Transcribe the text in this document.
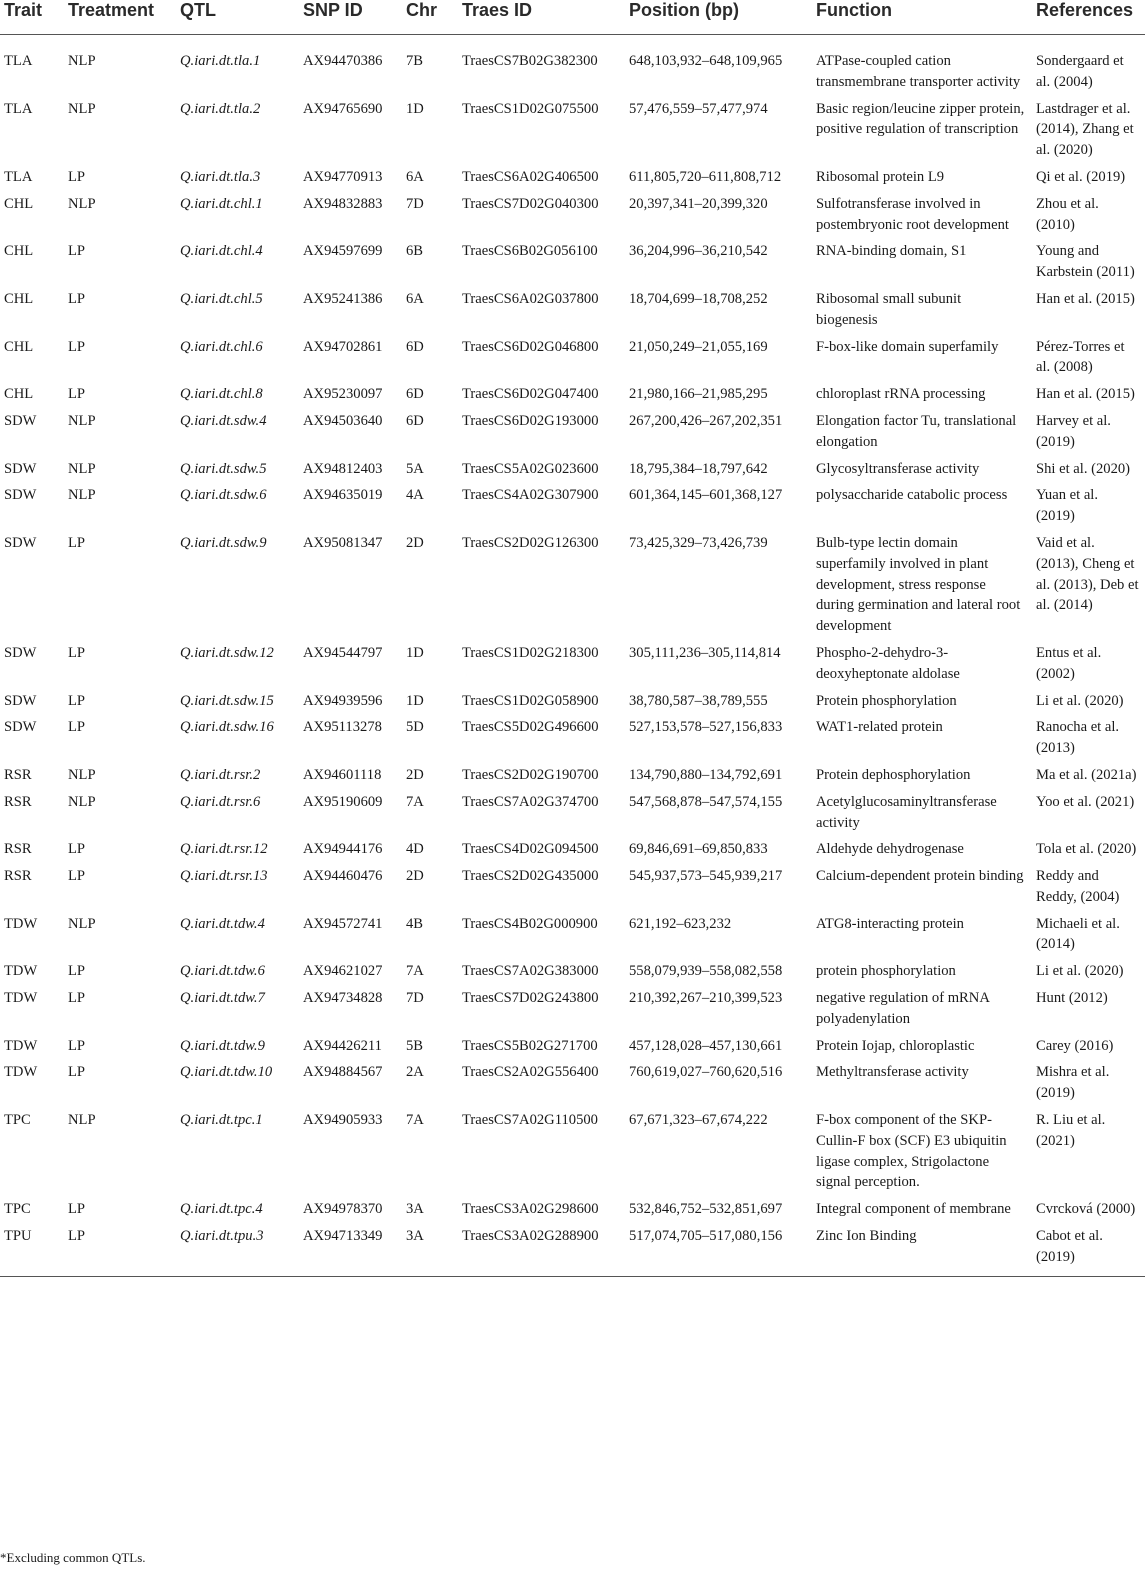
Trait	Treatment	QTL	SNP ID	Chr	Traes ID	Position (bp)	Function	References
TLA	NLP	Q.iari.dt.tla.1	AX94470386	7B	TraesCS7B02G382300	648,103,932–648,109,965	ATPase-coupled cation transmembrane transporter activity	Sondergaard et al. (2004)
TLA	NLP	Q.iari.dt.tla.2	AX94765690	1D	TraesCS1D02G075500	57,476,559–57,477,974	Basic region/leucine zipper protein, positive regulation of transcription	Lastdrager et al. (2014), Zhang et al. (2020)
TLA	LP	Q.iari.dt.tla.3	AX94770913	6A	TraesCS6A02G406500	611,805,720–611,808,712	Ribosomal protein L9	Qi et al. (2019)
CHL	NLP	Q.iari.dt.chl.1	AX94832883	7D	TraesCS7D02G040300	20,397,341–20,399,320	Sulfotransferase involved in postembryonic root development	Zhou et al. (2010)
CHL	LP	Q.iari.dt.chl.4	AX94597699	6B	TraesCS6B02G056100	36,204,996–36,210,542	RNA-binding domain, S1	Young and Karbstein (2011)
CHL	LP	Q.iari.dt.chl.5	AX95241386	6A	TraesCS6A02G037800	18,704,699–18,708,252	Ribosomal small subunit biogenesis	Han et al. (2015)
CHL	LP	Q.iari.dt.chl.6	AX94702861	6D	TraesCS6D02G046800	21,050,249–21,055,169	F-box-like domain superfamily	Pérez-Torres et al. (2008)
CHL	LP	Q.iari.dt.chl.8	AX95230097	6D	TraesCS6D02G047400	21,980,166–21,985,295	chloroplast rRNA processing	Han et al. (2015)
SDW	NLP	Q.iari.dt.sdw.4	AX94503640	6D	TraesCS6D02G193000	267,200,426–267,202,351	Elongation factor Tu, translational elongation	Harvey et al. (2019)
SDW	NLP	Q.iari.dt.sdw.5	AX94812403	5A	TraesCS5A02G023600	18,795,384–18,797,642	Glycosyltransferase activity	Shi et al. (2020)
SDW	NLP	Q.iari.dt.sdw.6	AX94635019	4A	TraesCS4A02G307900	601,364,145–601,368,127	polysaccharide catabolic process	Yuan et al. (2019)
SDW	LP	Q.iari.dt.sdw.9	AX95081347	2D	TraesCS2D02G126300	73,425,329–73,426,739	Bulb-type lectin domain superfamily involved in plant development, stress response during germination and lateral root development	Vaid et al. (2013), Cheng et al. (2013), Deb et al. (2014)
SDW	LP	Q.iari.dt.sdw.12	AX94544797	1D	TraesCS1D02G218300	305,111,236–305,114,814	Phospho-2-dehydro-3-deoxyheptonate aldolase	Entus et al. (2002)
SDW	LP	Q.iari.dt.sdw.15	AX94939596	1D	TraesCS1D02G058900	38,780,587–38,789,555	Protein phosphorylation	Li et al. (2020)
SDW	LP	Q.iari.dt.sdw.16	AX95113278	5D	TraesCS5D02G496600	527,153,578–527,156,833	WAT1-related protein	Ranocha et al. (2013)
RSR	NLP	Q.iari.dt.rsr.2	AX94601118	2D	TraesCS2D02G190700	134,790,880–134,792,691	Protein dephosphorylation	Ma et al. (2021a)
RSR	NLP	Q.iari.dt.rsr.6	AX95190609	7A	TraesCS7A02G374700	547,568,878–547,574,155	Acetylglucosaminyltransferase activity	Yoo et al. (2021)
RSR	LP	Q.iari.dt.rsr.12	AX94944176	4D	TraesCS4D02G094500	69,846,691–69,850,833	Aldehyde dehydrogenase	Tola et al. (2020)
RSR	LP	Q.iari.dt.rsr.13	AX94460476	2D	TraesCS2D02G435000	545,937,573–545,939,217	Calcium-dependent protein binding	Reddy and Reddy, (2004)
TDW	NLP	Q.iari.dt.tdw.4	AX94572741	4B	TraesCS4B02G000900	621,192–623,232	ATG8-interacting protein	Michaeli et al. (2014)
TDW	LP	Q.iari.dt.tdw.6	AX94621027	7A	TraesCS7A02G383000	558,079,939–558,082,558	protein phosphorylation	Li et al. (2020)
TDW	LP	Q.iari.dt.tdw.7	AX94734828	7D	TraesCS7D02G243800	210,392,267–210,399,523	negative regulation of mRNA polyadenylation	Hunt (2012)
TDW	LP	Q.iari.dt.tdw.9	AX94426211	5B	TraesCS5B02G271700	457,128,028–457,130,661	Protein Iojap, chloroplastic	Carey (2016)
TDW	LP	Q.iari.dt.tdw.10	AX94884567	2A	TraesCS2A02G556400	760,619,027–760,620,516	Methyltransferase activity	Mishra et al. (2019)
TPC	NLP	Q.iari.dt.tpc.1	AX94905933	7A	TraesCS7A02G110500	67,671,323–67,674,222	F-box component of the SKP-Cullin-F box (SCF) E3 ubiquitin ligase complex, Strigolactone signal perception.	R. Liu et al. (2021)
TPC	LP	Q.iari.dt.tpc.4	AX94978370	3A	TraesCS3A02G298600	532,846,752–532,851,697	Integral component of membrane	Cvrcková (2000)
TPU	LP	Q.iari.dt.tpu.3	AX94713349	3A	TraesCS3A02G288900	517,074,705–517,080,156	Zinc Ion Binding	Cabot et al. (2019)
*Excluding common QTLs.
